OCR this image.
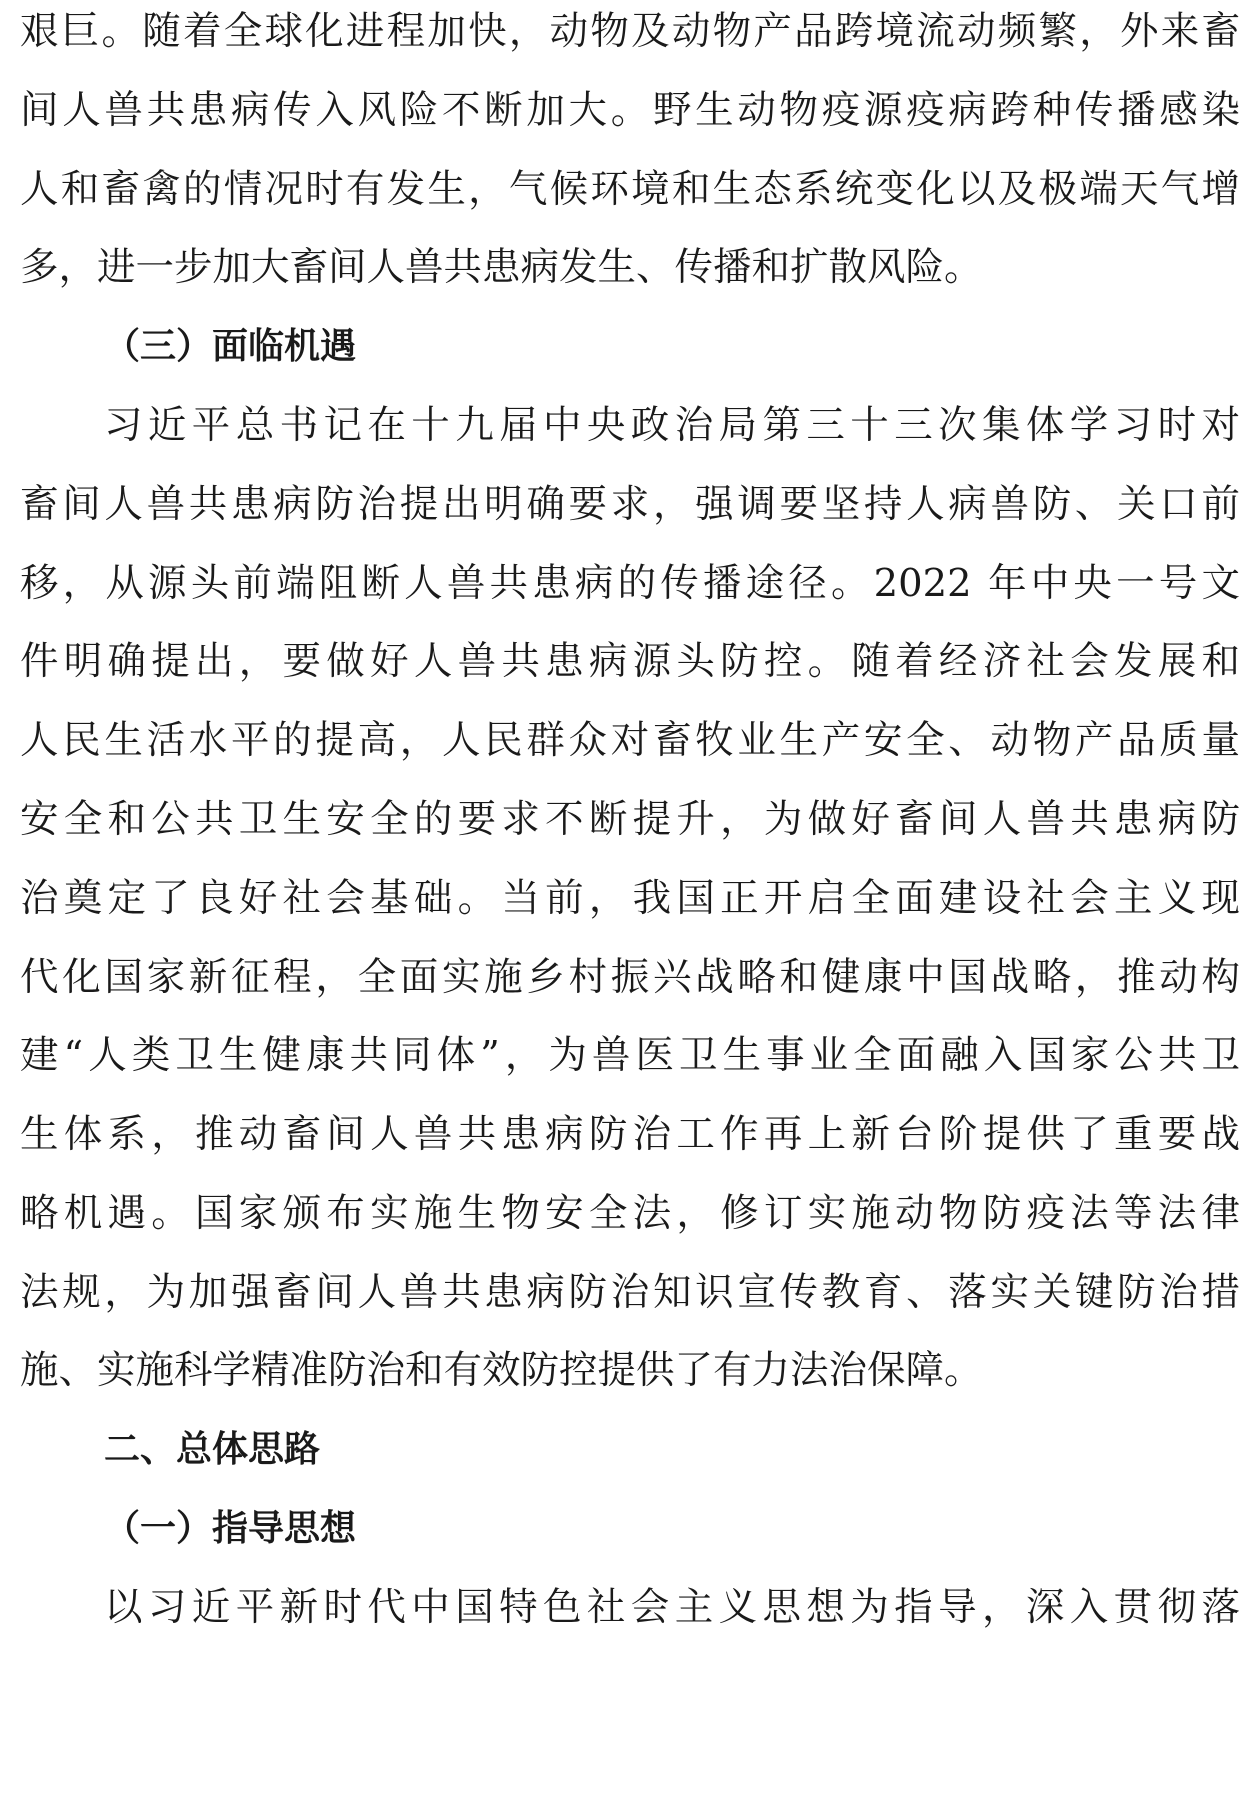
艰巨。随着全球化进程加快，动物及动物产品跨境流动频繁，外来畜
间人兽共患病传入风险不断加大。野生动物疫源疫病跨种传播感染
人和畜禽的情况时有发生，气候环境和生态系统变化以及极端天气增
多，进一步加大畜间人兽共患病发生、传播和扩散风险。
（三）面临机遇
习近平总书记在十九届中央政治局第三十三次集体学习时对
畜间人兽共患病防治提出明确要求，强调要坚持人病兽防、关口前
移，从源头前端阻断人兽共患病的传播途径。2022 年中央一号文
件明确提出，要做好人兽共患病源头防控。随着经济社会发展和
人民生活水平的提高，人民群众对畜牧业生产安全、动物产品质量
安全和公共卫生安全的要求不断提升，为做好畜间人兽共患病防
治奠定了良好社会基础。当前，我国正开启全面建设社会主义现
代化国家新征程，全面实施乡村振兴战略和健康中国战略，推动构
建“人类卫生健康共同体”，为兽医卫生事业全面融入国家公共卫
生体系，推动畜间人兽共患病防治工作再上新台阶提供了重要战
略机遇。国家颁布实施生物安全法，修订实施动物防疫法等法律
法规，为加强畜间人兽共患病防治知识宣传教育、落实关键防治措
施、实施科学精准防治和有效防控提供了有力法治保障。
二、总体思路
（一）指导思想
以习近平新时代中国特色社会主义思想为指导，深入贯彻落
